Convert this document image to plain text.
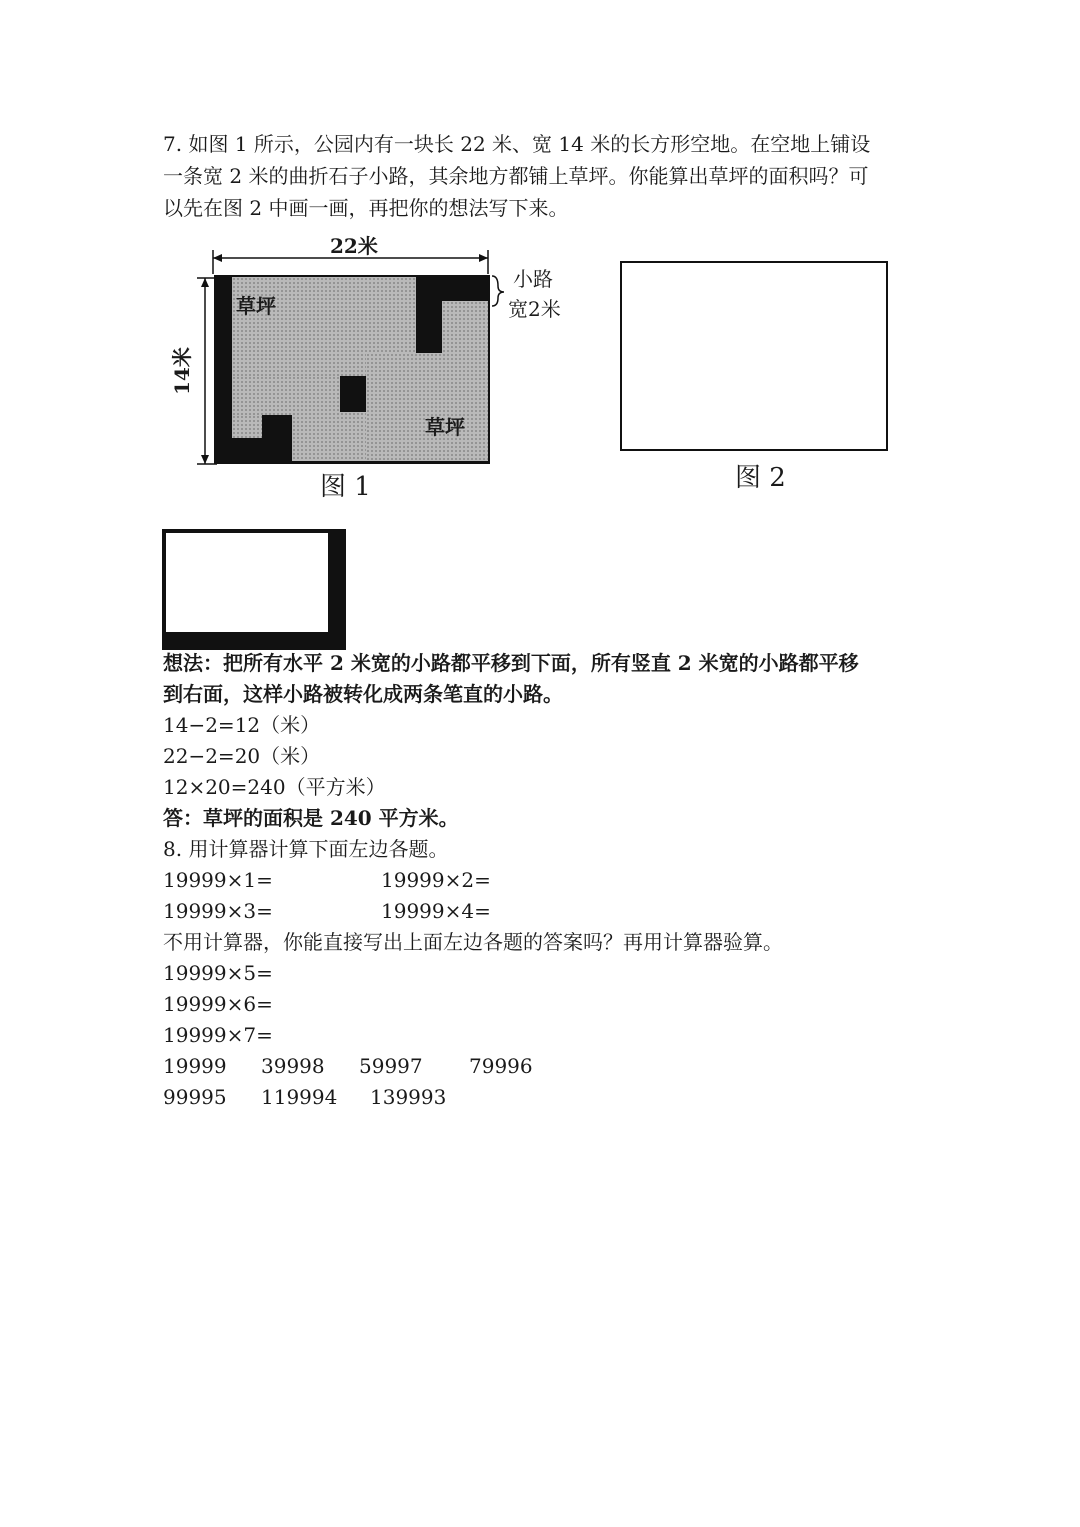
7. 如图 1 所示，公园内有一块长 22 米、宽 14 米的长方形空地。在空地上铺设
一条宽 2 米的曲折石子小路，其余地方都铺上草坪。你能算出草坪的面积吗？可
以先在图 2 中画一画，再把你的想法写下来。
22米
14米
草坪
草坪
小路
宽2米
图 1	图 2
想法：把所有水平 2 米宽的小路都平移到下面，所有竖直 2 米宽的小路都平移
到右面，这样小路被转化成两条笔直的小路。
14−2=12（米）
22−2=20（米）
12×20=240（平方米）
答：草坪的面积是 240 平方米。
8. 用计算器计算下面左边各题。
19999×1=	19999×2=
19999×3=	19999×4=
不用计算器，你能直接写出上面左边各题的答案吗？再用计算器验算。
19999×5=
19999×6=
19999×7=
19999 39998 59997 79996
99995 119994 139993
